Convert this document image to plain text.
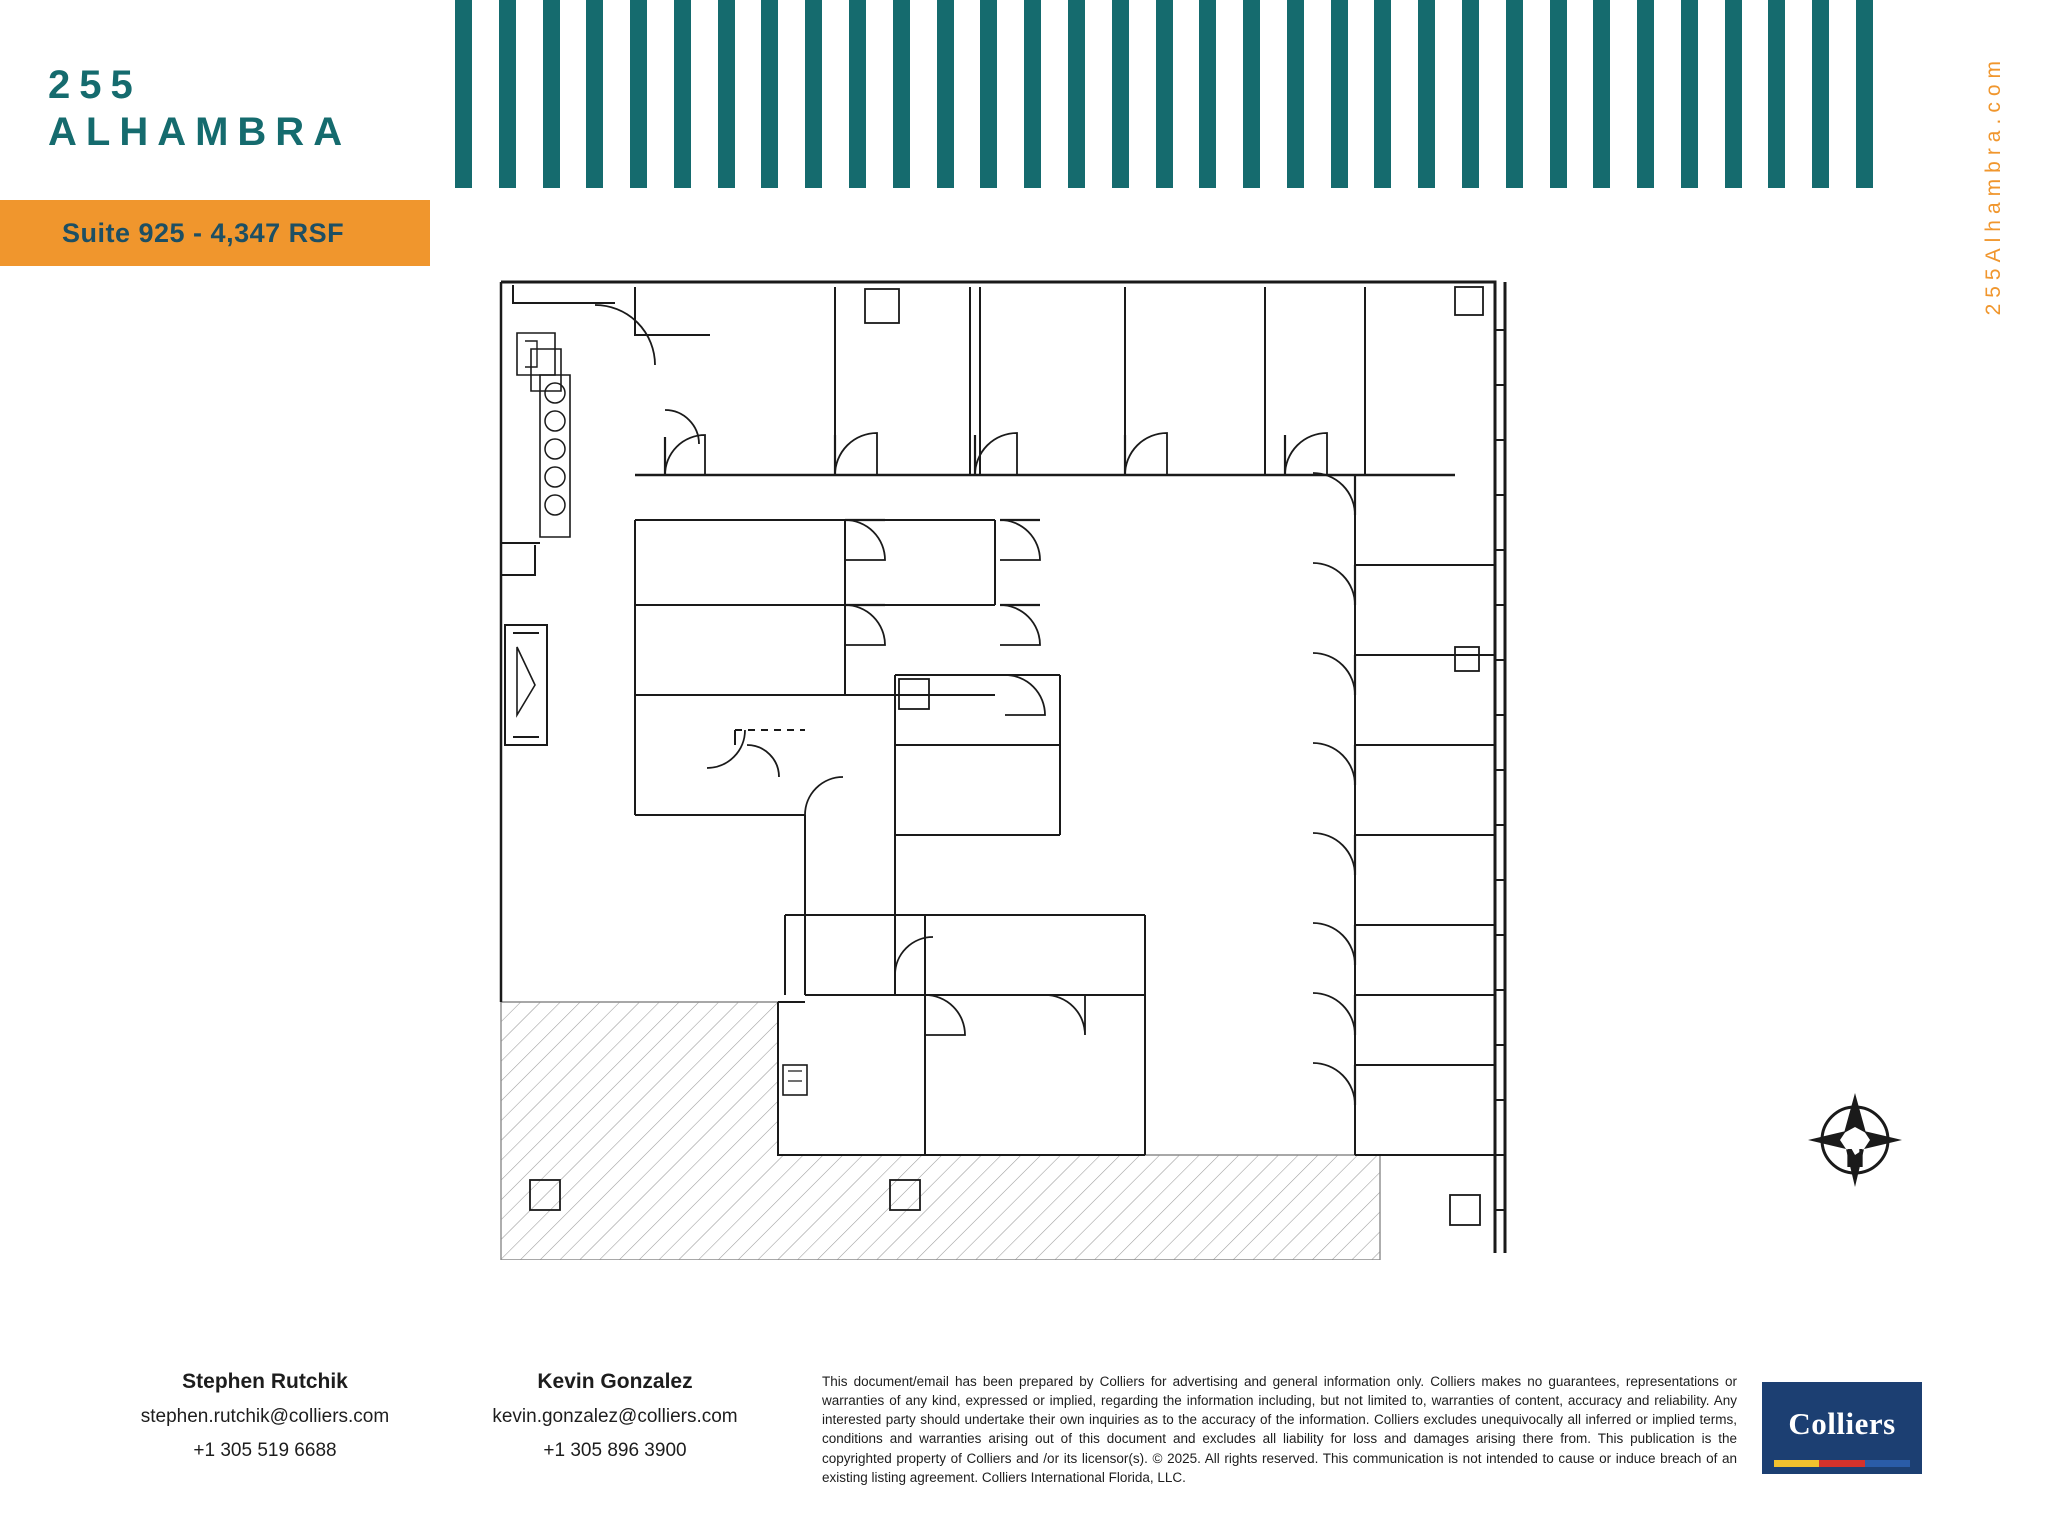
255
ALHAMBRA
Suite 925 - 4,347 RSF	255Alhambra.com
N
Stephen Rutchik
stephen.rutchik@colliers.com
+1 305 519 6688
Kevin Gonzalez
kevin.gonzalez@colliers.com
+1 305 896 3900
This document/email has been prepared by Colliers for advertising and general information only. Colliers makes no guarantees, representations or warranties of any kind, expressed or implied, regarding the information including, but not limited to, warranties of content, accuracy and reliability. Any interested party should undertake their own inquiries as to the accuracy of the information. Colliers excludes unequivocally all inferred or implied terms, conditions and warranties arising out of this document and excludes all liability for loss and damages arising there from. This publication is the copyrighted property of Colliers and /or its licensor(s). © 2025. All rights reserved. This communication is not intended to cause or induce breach of an existing listing agreement. Colliers International Florida, LLC.
Colliers
